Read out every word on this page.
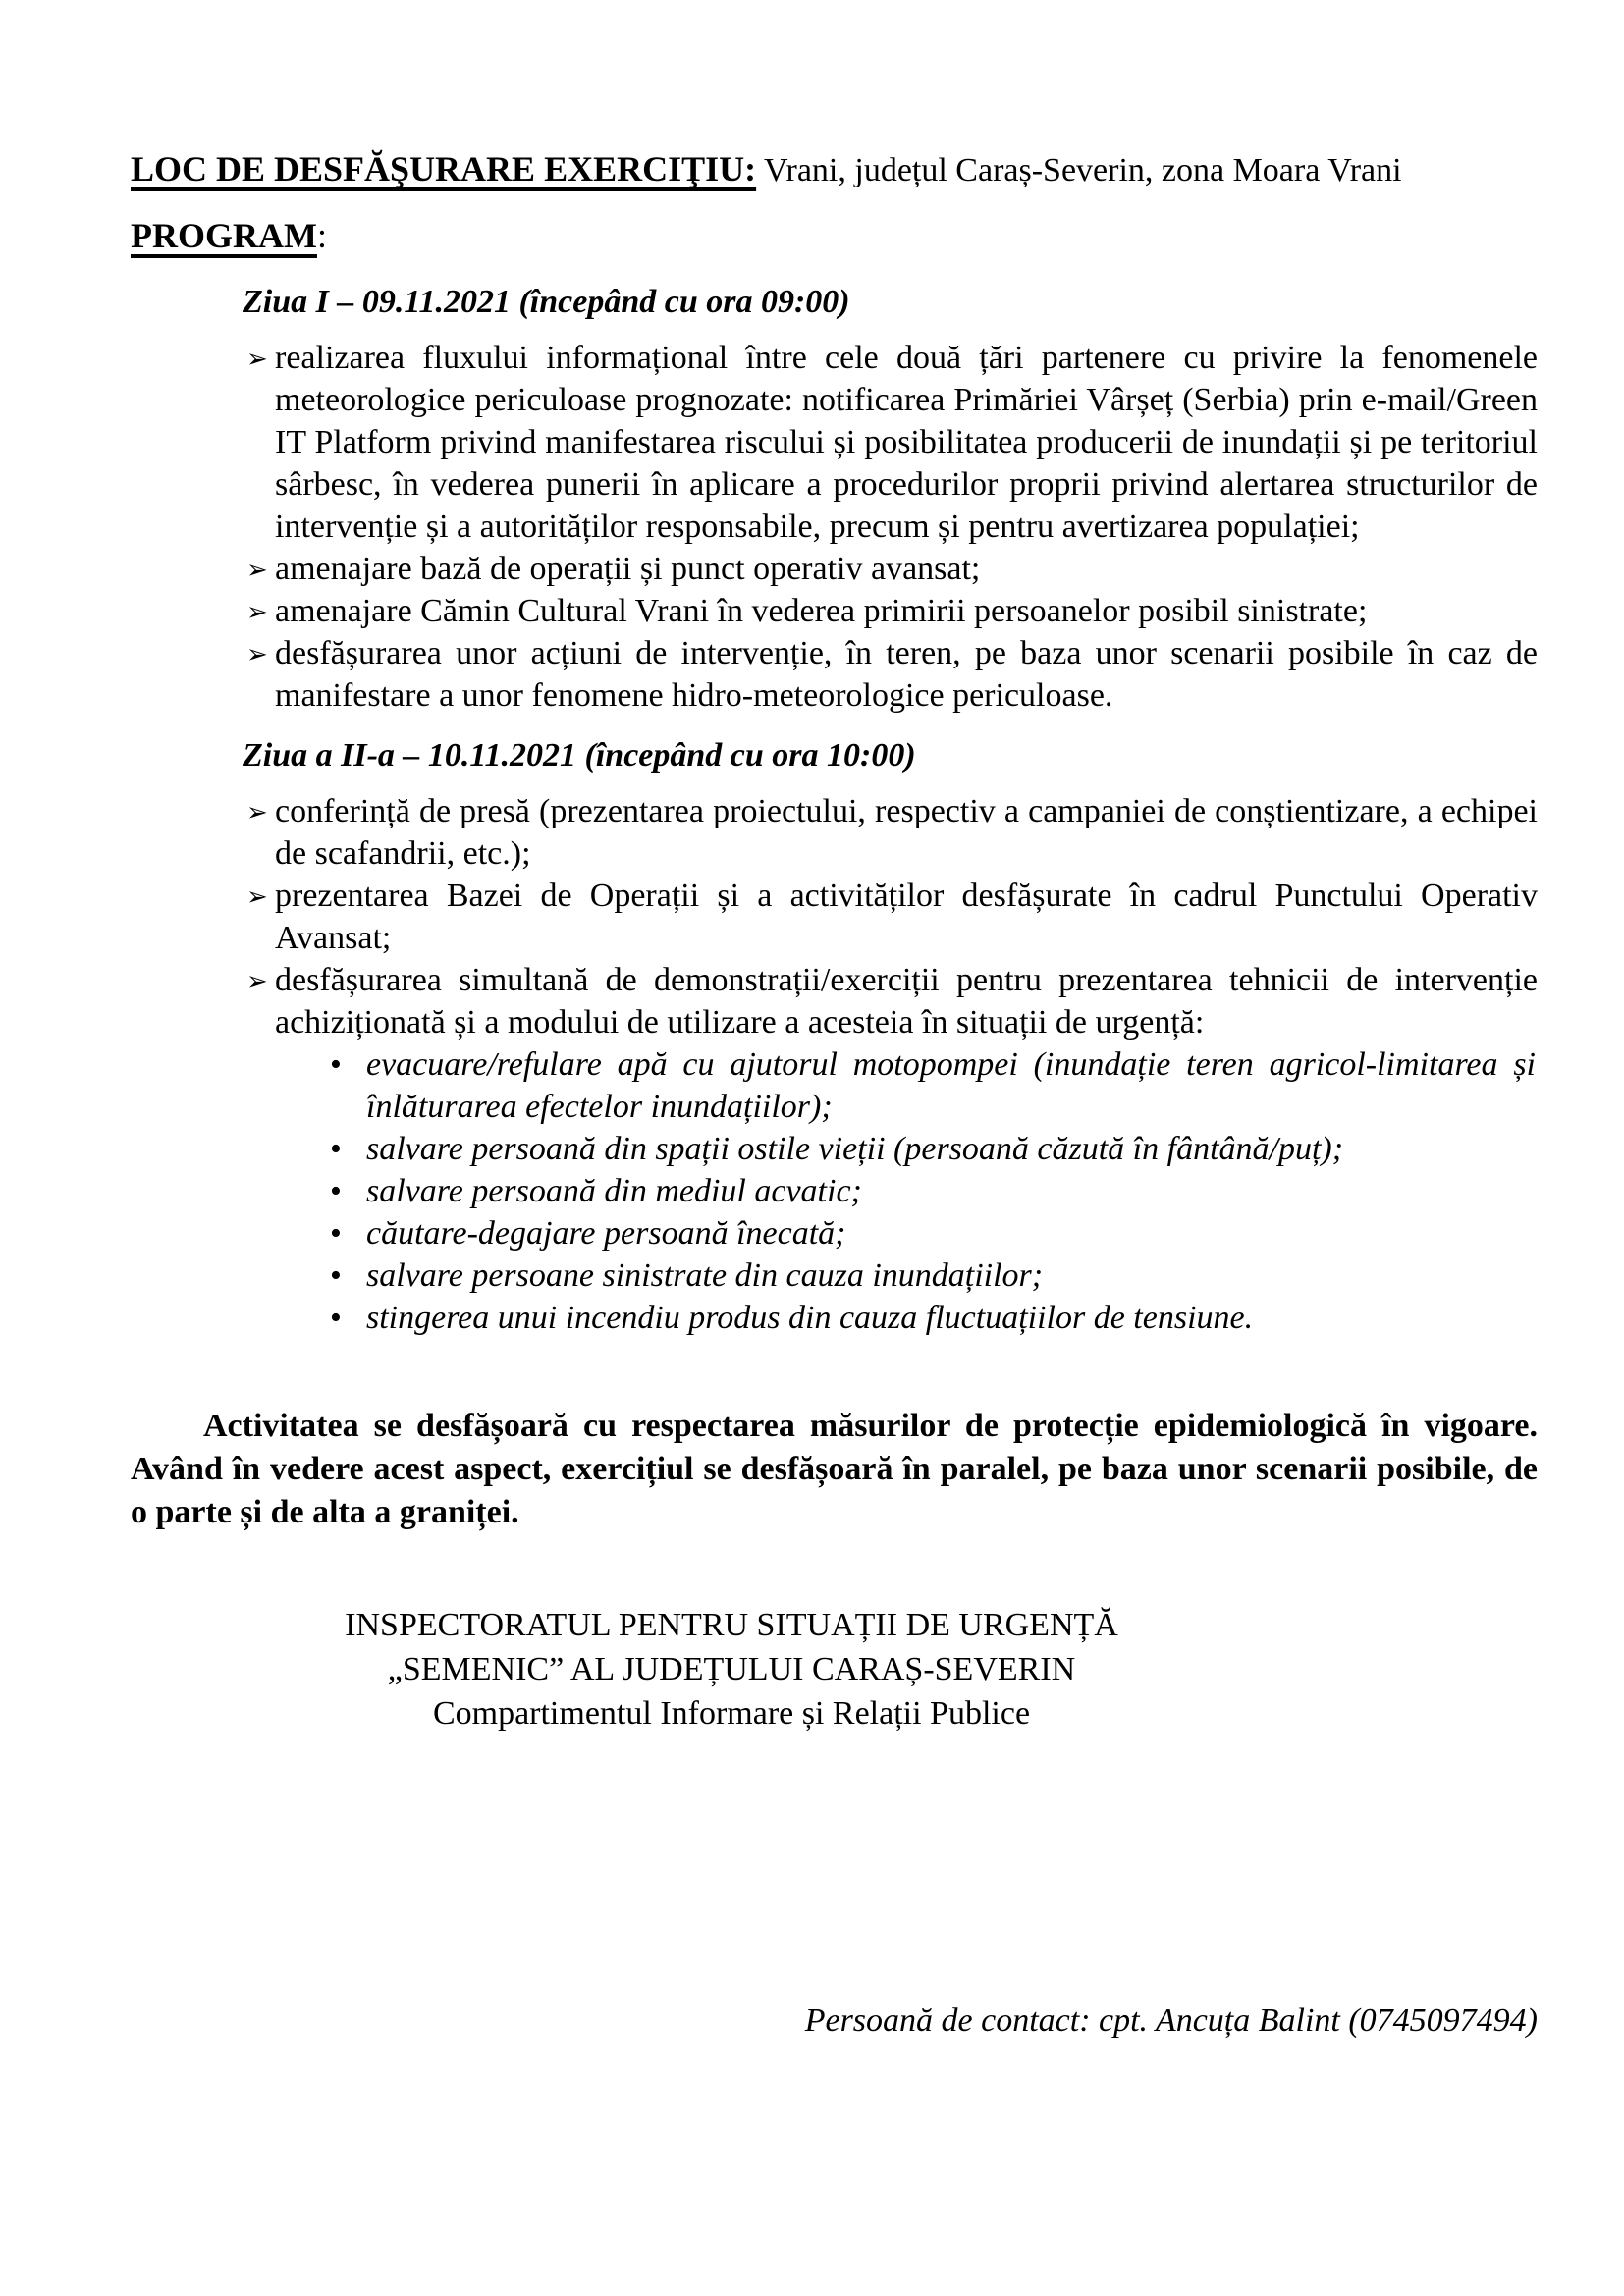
LOC DE DESFĂŞURARE EXERCIŢIU: Vrani, județul Caraș-Severin, zona Moara Vrani
PROGRAM:
Ziua I – 09.11.2021 (începând cu ora 09:00)
➢ realizarea fluxului informațional între cele două țări partenere cu privire la fenomenele meteorologice periculoase prognozate: notificarea Primăriei Vârșeț (Serbia) prin e-mail/Green IT Platform privind manifestarea riscului și posibilitatea producerii de inundații și pe teritoriul sârbesc, în vederea punerii în aplicare a procedurilor proprii privind alertarea structurilor de intervenție și a autorităților responsabile, precum și pentru avertizarea populației;
➢ amenajare bază de operații și punct operativ avansat;
➢ amenajare Cămin Cultural Vrani în vederea primirii persoanelor posibil sinistrate;
➢ desfășurarea unor acțiuni de intervenție, în teren, pe baza unor scenarii posibile în caz de manifestare a unor fenomene hidro-meteorologice periculoase.
Ziua a II-a – 10.11.2021 (începând cu ora 10:00)
➢ conferință de presă (prezentarea proiectului, respectiv a campaniei de conștientizare, a echipei de scafandrii, etc.);
➢ prezentarea Bazei de Operații și a activităților desfășurate în cadrul Punctului Operativ Avansat;
➢ desfășurarea simultană de demonstrații/exerciții pentru prezentarea tehnicii de intervenție achiziționată și a modului de utilizare a acesteia în situații de urgență:
• evacuare/refulare apă cu ajutorul motopompei (inundație teren agricol-limitarea și înlăturarea efectelor inundațiilor);
• salvare persoană din spații ostile vieții (persoană căzută în fântână/puț);
• salvare persoană din mediul acvatic;
• căutare-degajare persoană înecată;
• salvare persoane sinistrate din cauza inundațiilor;
• stingerea unui incendiu produs din cauza fluctuațiilor de tensiune.
Activitatea se desfășoară cu respectarea măsurilor de protecție epidemiologică în vigoare. Având în vedere acest aspect, exercițiul se desfășoară în paralel, pe baza unor scenarii posibile, de o parte și de alta a graniței.
INSPECTORATUL PENTRU SITUAȚII DE URGENȚĂ
„SEMENIC” AL JUDEȚULUI CARAȘ-SEVERIN
Compartimentul Informare și Relații Publice
Persoană de contact: cpt. Ancuța Balint (0745097494)
